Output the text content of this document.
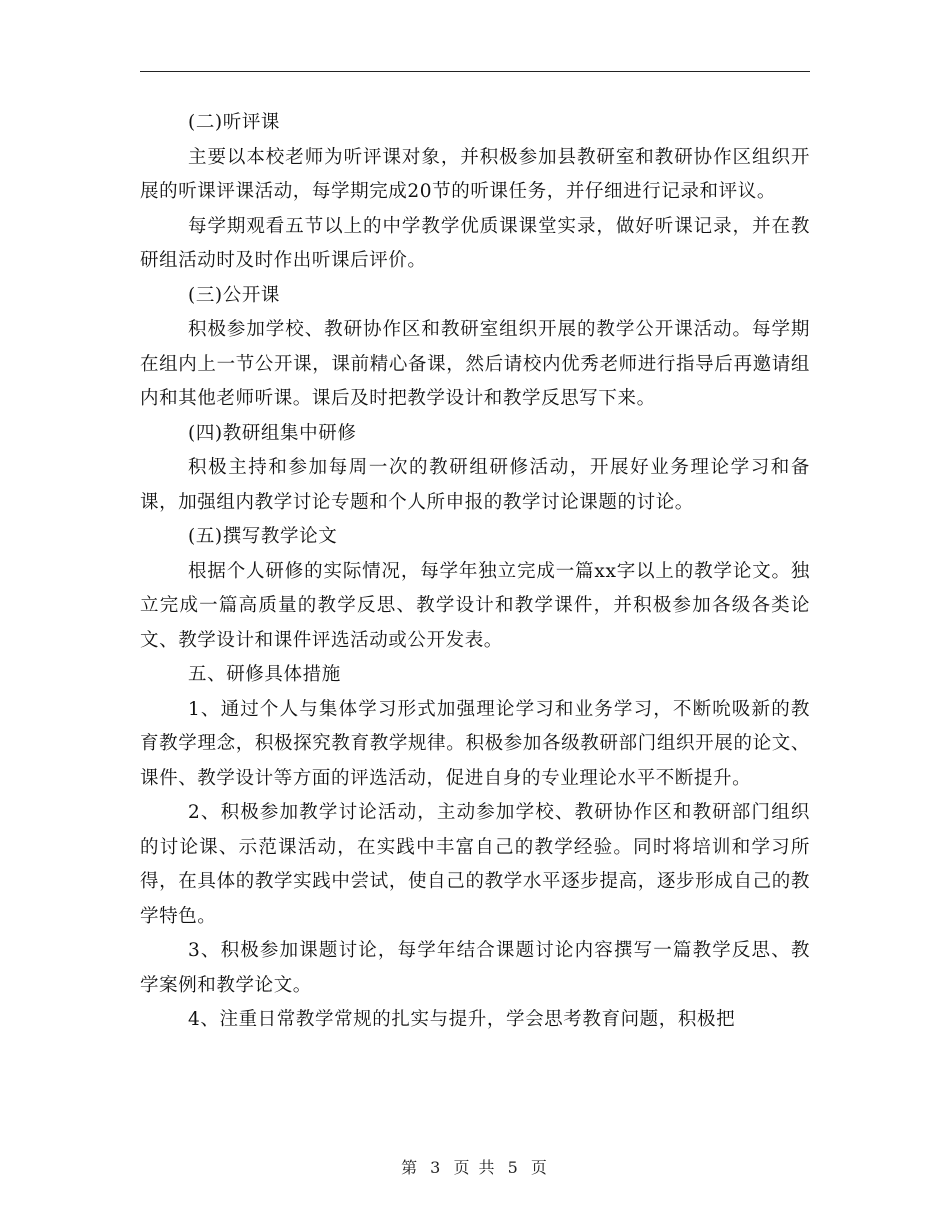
(二)听评课

主要以本校老师为听评课对象，并积极参加县教研室和教研协作区组织开展的听课评课活动，每学期完成20节的听课任务，并仔细进行记录和评议。

每学期观看五节以上的中学教学优质课课堂实录，做好听课记录，并在教研组活动时及时作出听课后评价。

(三)公开课

积极参加学校、教研协作区和教研室组织开展的教学公开课活动。每学期在组内上一节公开课，课前精心备课，然后请校内优秀老师进行指导后再邀请组内和其他老师听课。课后及时把教学设计和教学反思写下来。

(四)教研组集中研修

积极主持和参加每周一次的教研组研修活动，开展好业务理论学习和备课，加强组内教学讨论专题和个人所申报的教学讨论课题的讨论。

(五)撰写教学论文

根据个人研修的实际情况，每学年独立完成一篇xx字以上的教学论文。独立完成一篇高质量的教学反思、教学设计和教学课件，并积极参加各级各类论文、教学设计和课件评选活动或公开发表。

五、研修具体措施

1、通过个人与集体学习形式加强理论学习和业务学习，不断吮吸新的教育教学理念，积极探究教育教学规律。积极参加各级教研部门组织开展的论文、课件、教学设计等方面的评选活动，促进自身的专业理论水平不断提升。

2、积极参加教学讨论活动，主动参加学校、教研协作区和教研部门组织的讨论课、示范课活动，在实践中丰富自己的教学经验。同时将培训和学习所得，在具体的教学实践中尝试，使自己的教学水平逐步提高，逐步形成自己的教学特色。

3、积极参加课题讨论，每学年结合课题讨论内容撰写一篇教学反思、教学案例和教学论文。

4、注重日常教学常规的扎实与提升，学会思考教育问题，积极把

第 3 页 共 5 页
